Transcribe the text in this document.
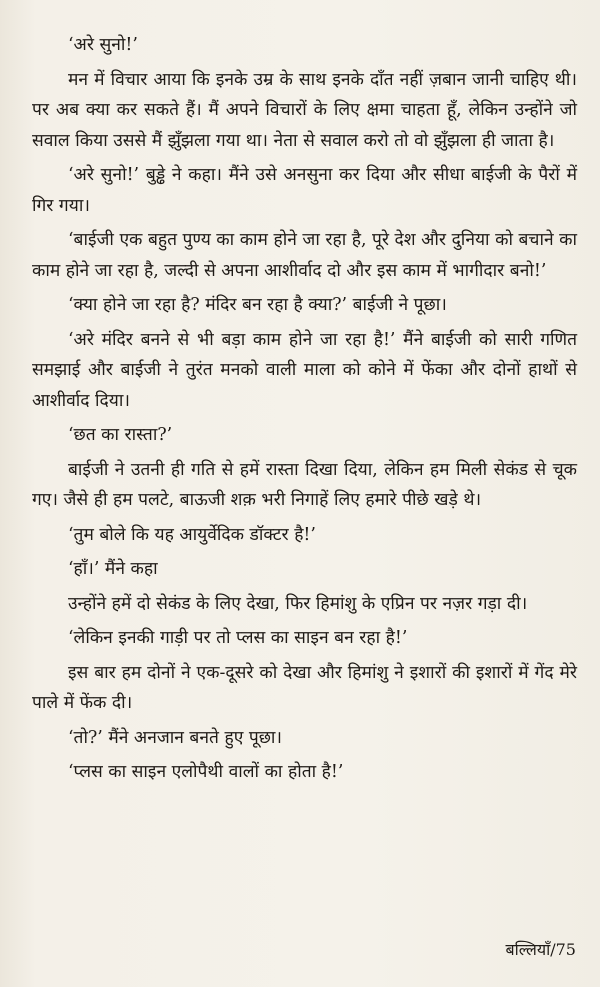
‘अरे सुनो!’

मन में विचार आया कि इनके उम्र के साथ इनके दाँत नहीं ज़बान जानी चाहिए थी। पर अब क्या कर सकते हैं। मैं अपने विचारों के लिए क्षमा चाहता हूँ, लेकिन उन्होंने जो सवाल किया उससे मैं झुँझला गया था। नेता से सवाल करो तो वो झुँझला ही जाता है।

‘अरे सुनो!’ बुड्ढे ने कहा। मैंने उसे अनसुना कर दिया और सीधा बाईजी के पैरों में गिर गया।

‘बाईजी एक बहुत पुण्य का काम होने जा रहा है, पूरे देश और दुनिया को बचाने का काम होने जा रहा है, जल्दी से अपना आशीर्वाद दो और इस काम में भागीदार बनो!’

‘क्या होने जा रहा है? मंदिर बन रहा है क्या?’ बाईजी ने पूछा।

‘अरे मंदिर बनने से भी बड़ा काम होने जा रहा है!’ मैंने बाईजी को सारी गणित समझाई और बाईजी ने तुरंत मनको वाली माला को कोने में फेंका और दोनों हाथों से आशीर्वाद दिया।

‘छत का रास्ता?’

बाईजी ने उतनी ही गति से हमें रास्ता दिखा दिया, लेकिन हम मिली सेकंड से चूक गए। जैसे ही हम पलटे, बाऊजी शक़ भरी निगाहें लिए हमारे पीछे खड़े थे।

‘तुम बोले कि यह आयुर्वेदिक डॉक्टर है!’

‘हाँ।’ मैंने कहा

उन्होंने हमें दो सेकंड के लिए देखा, फिर हिमांशु के एप्रिन पर नज़र गड़ा दी।

‘लेकिन इनकी गाड़ी पर तो प्लस का साइन बन रहा है!’

इस बार हम दोनों ने एक-दूसरे को देखा और हिमांशु ने इशारों की इशारों में गेंद मेरे पाले में फेंक दी।

‘तो?’ मैंने अनजान बनते हुए पूछा।

‘प्लस का साइन एलोपैथी वालों का होता है!’

बल्लियाँ/75
